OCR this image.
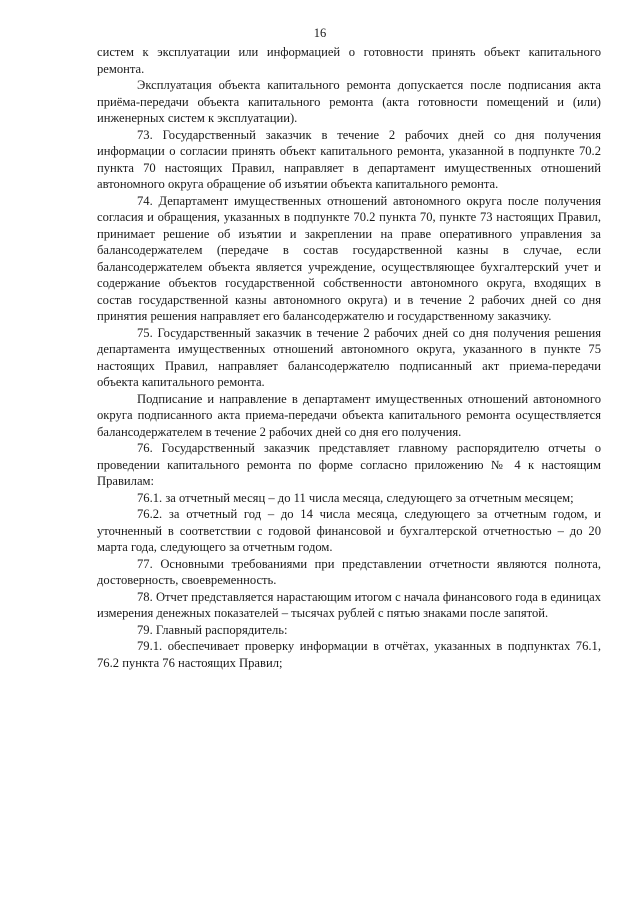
16

систем к эксплуатации или информацией о готовности принять объект капитального ремонта.

Эксплуатация объекта капитального ремонта допускается после подписания акта приёма-передачи объекта капитального ремонта (акта готовности помещений и (или) инженерных систем к эксплуатации).

73. Государственный заказчик в течение 2 рабочих дней со дня получения информации о согласии принять объект капитального ремонта, указанной в подпункте 70.2 пункта 70 настоящих Правил, направляет в департамент имущественных отношений автономного округа обращение об изъятии объекта капитального ремонта.

74. Департамент имущественных отношений автономного округа после получения согласия и обращения, указанных в подпункте 70.2 пункта 70, пункте 73 настоящих Правил, принимает решение об изъятии и закреплении на праве оперативного управления за балансодержателем (передаче в состав государственной казны в случае, если балансодержателем объекта является учреждение, осуществляющее бухгалтерский учет и содержание объектов государственной собственности автономного округа, входящих в состав государственной казны автономного округа) и в течение 2 рабочих дней со дня принятия решения направляет его балансодержателю и государственному заказчику.

75. Государственный заказчик в течение 2 рабочих дней со дня получения решения департамента имущественных отношений автономного округа, указанного в пункте 75 настоящих Правил, направляет балансодержателю подписанный акт приема-передачи объекта капитального ремонта.

Подписание и направление в департамент имущественных отношений автономного округа подписанного акта приема-передачи объекта капитального ремонта осуществляется балансодержателем в течение 2 рабочих дней со дня его получения.

76. Государственный заказчик представляет главному распорядителю отчеты о проведении капитального ремонта по форме согласно приложению № 4 к настоящим Правилам:

76.1. за отчетный месяц – до 11 числа месяца, следующего за отчетным месяцем;

76.2. за отчетный год – до 14 числа месяца, следующего за отчетным годом, и уточненный в соответствии с годовой финансовой и бухгалтерской отчетностью – до 20 марта года, следующего за отчетным годом.

77. Основными требованиями при представлении отчетности являются полнота, достоверность, своевременность.

78. Отчет представляется нарастающим итогом с начала финансового года в единицах измерения денежных показателей – тысячах рублей с пятью знаками после запятой.

79. Главный распорядитель:

79.1. обеспечивает проверку информации в отчётах, указанных в подпунктах 76.1, 76.2 пункта 76 настоящих Правил;
